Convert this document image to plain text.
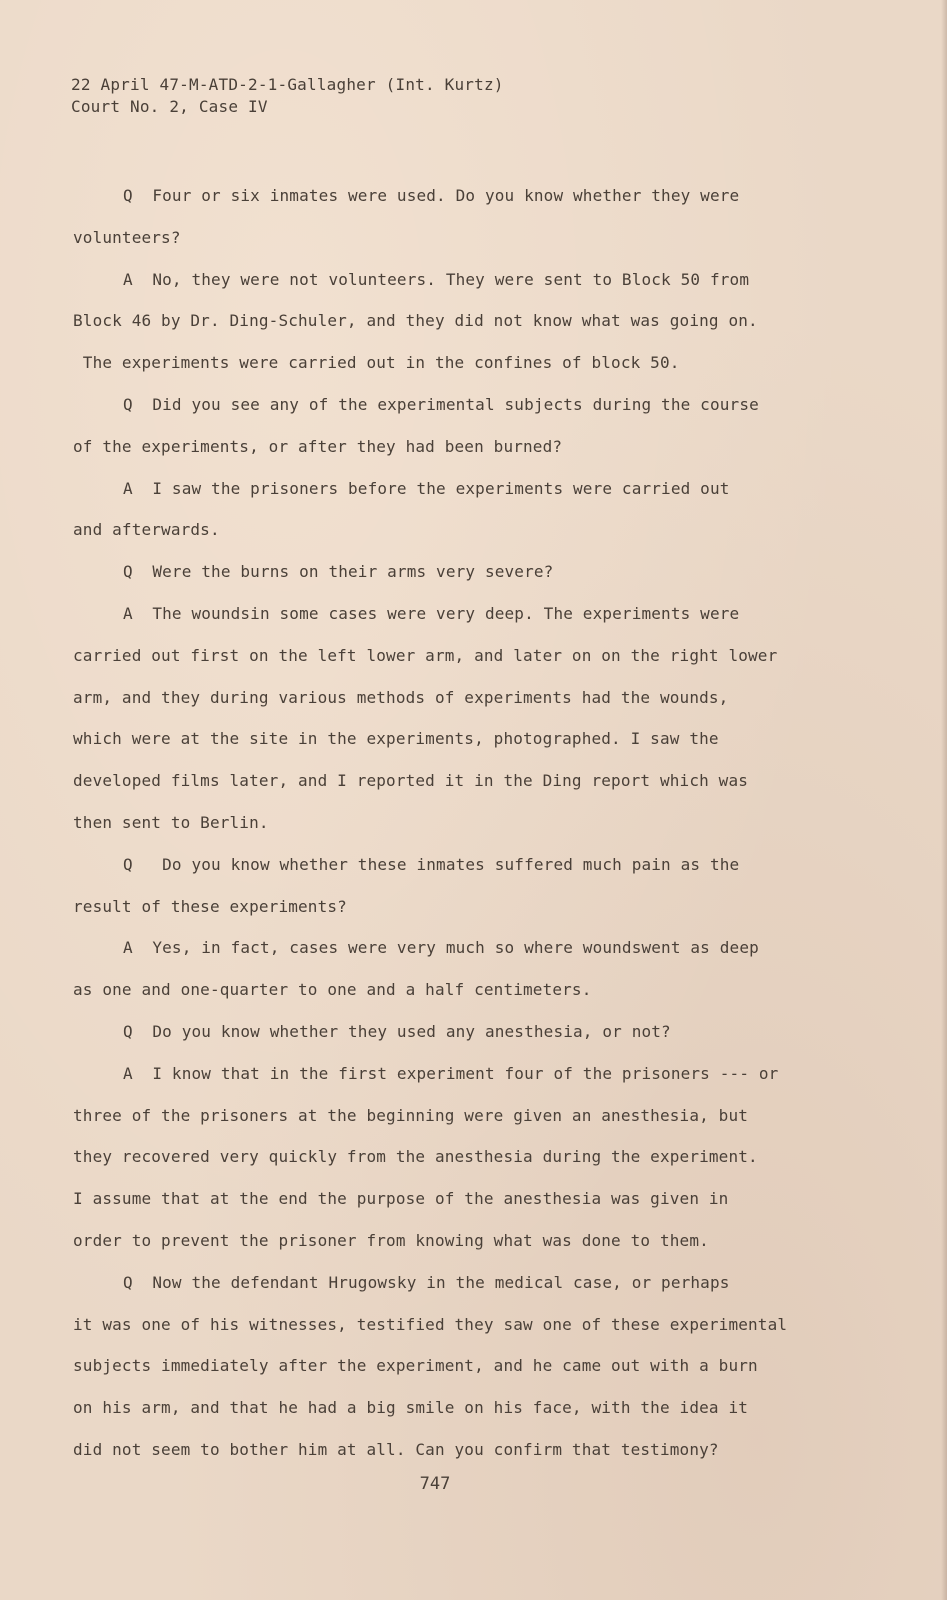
22 April 47-M-ATD-2-1-Gallagher (Int. Kurtz)
Court No. 2, Case IV
Q  Four or six inmates were used. Do you know whether they were
volunteers?
A  No, they were not volunteers. They were sent to Block 50 from
Block 46 by Dr. Ding-Schuler, and they did not know what was going on.
The experiments were carried out in the confines of block 50.
Q  Did you see any of the experimental subjects during the course
of the experiments, or after they had been burned?
A  I saw the prisoners before the experiments were carried out
and afterwards.
Q  Were the burns on their arms very severe?
A  The woundsin some cases were very deep. The experiments were
carried out first on the left lower arm, and later on on the right lower
arm, and they during various methods of experiments had the wounds,
which were at the site in the experiments, photographed. I saw the
developed films later, and I reported it in the Ding report which was
then sent to Berlin.
Q   Do you know whether these inmates suffered much pain as the
result of these experiments?
A  Yes, in fact, cases were very much so where woundswent as deep
as one and one-quarter to one and a half centimeters.
Q  Do you know whether they used any anesthesia, or not?
A  I know that in the first experiment four of the prisoners --- or
three of the prisoners at the beginning were given an anesthesia, but
they recovered very quickly from the anesthesia during the experiment.
I assume that at the end the purpose of the anesthesia was given in
order to prevent the prisoner from knowing what was done to them.
Q  Now the defendant Hrugowsky in the medical case, or perhaps
it was one of his witnesses, testified they saw one of these experimental
subjects immediately after the experiment, and he came out with a burn
on his arm, and that he had a big smile on his face, with the idea it
did not seem to bother him at all. Can you confirm that testimony?
747
